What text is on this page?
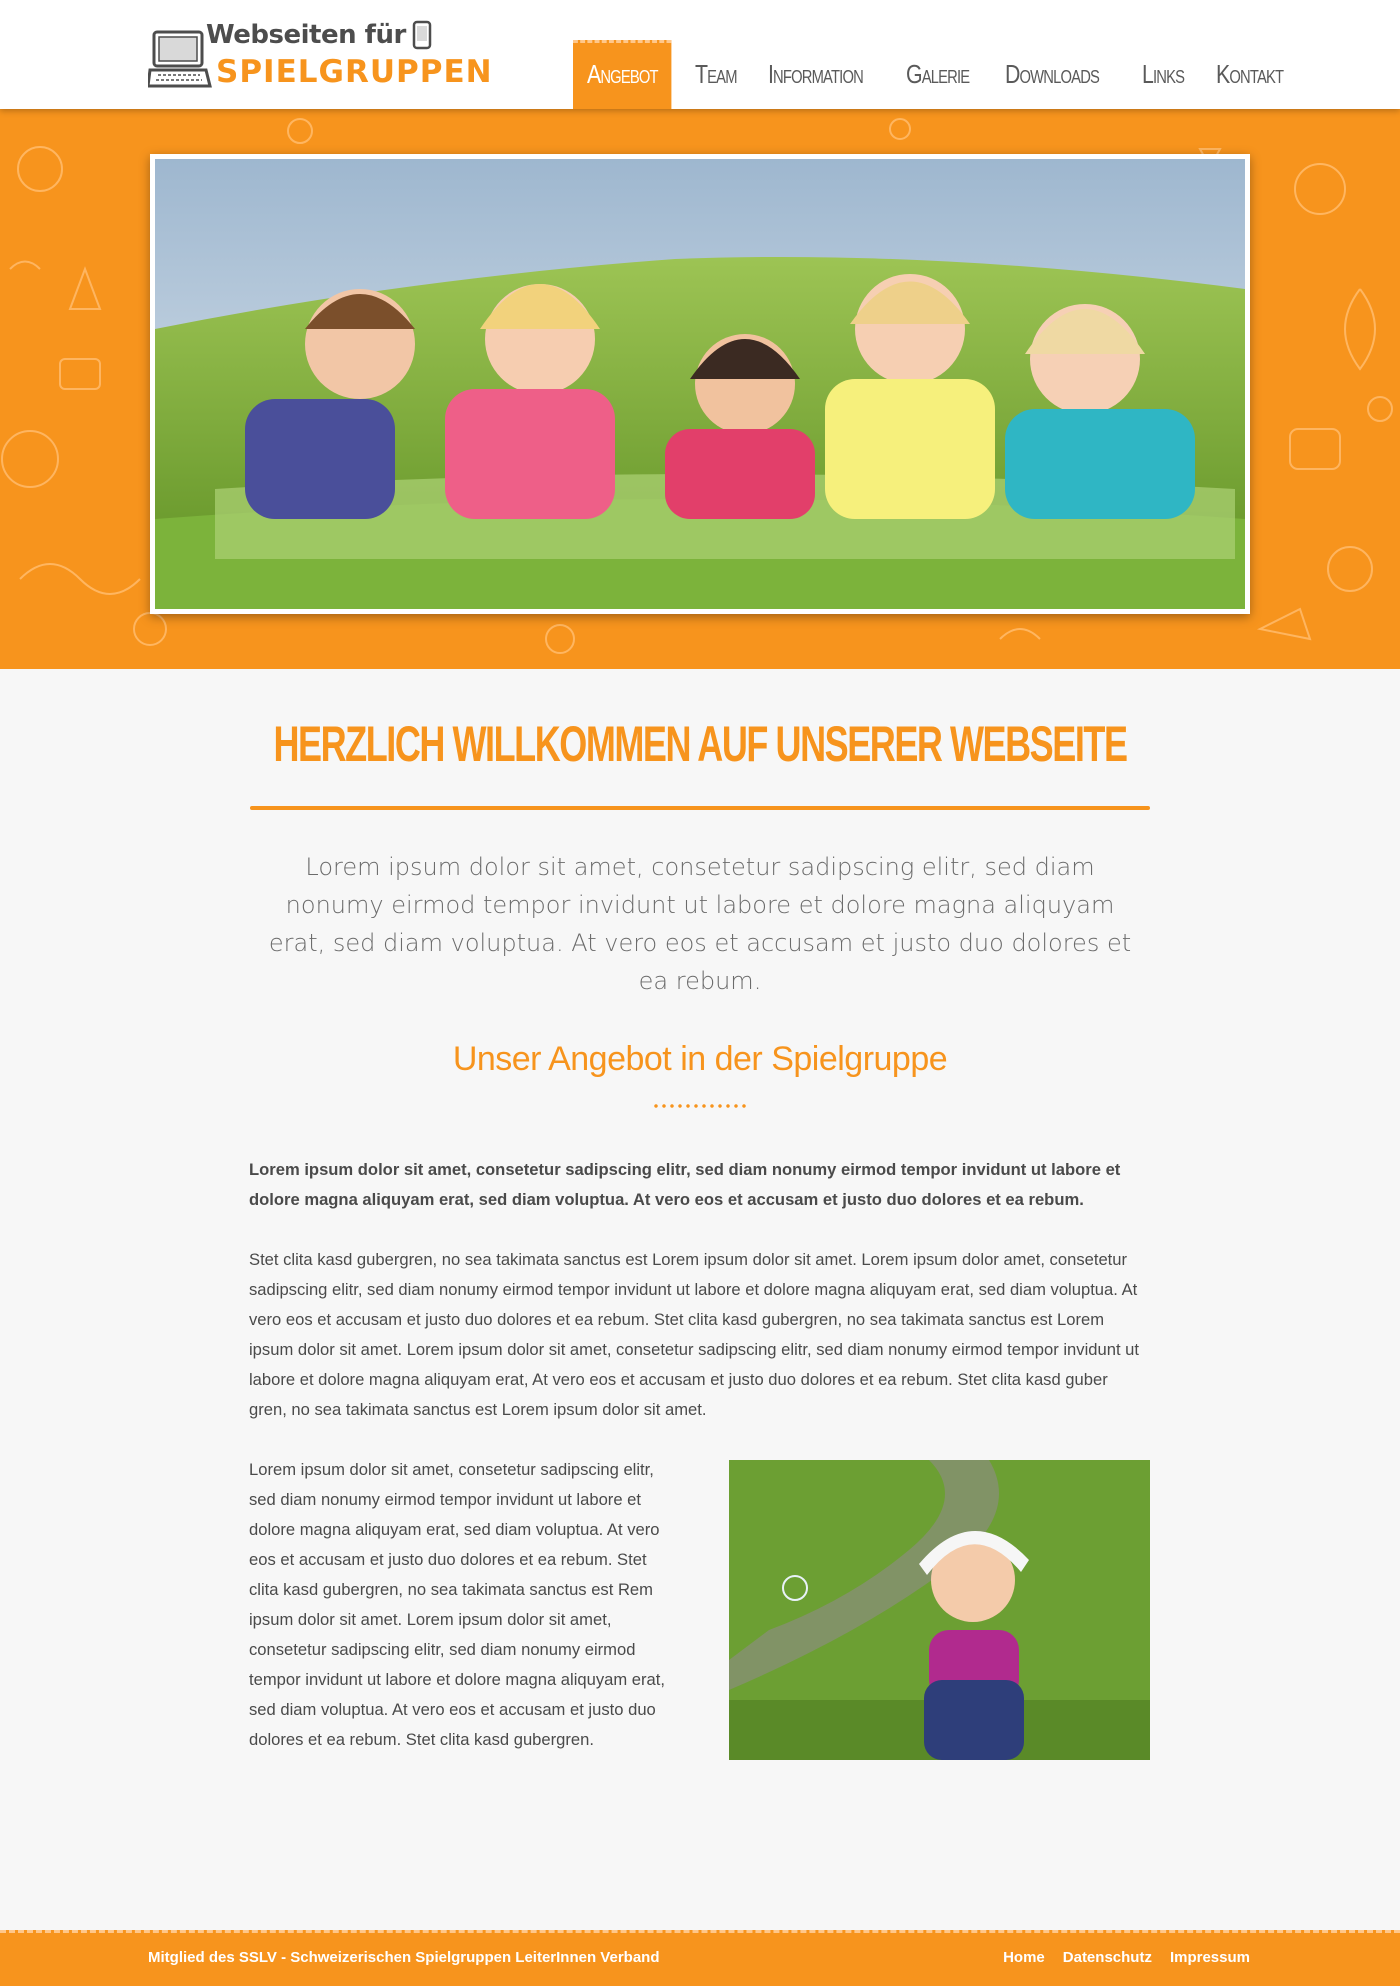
Webseiten für
SPIELGRUPPEN	Angebot	Team	Information	Galerie	Downloads	Links	Kontakt
HERZLICH WILLKOMMEN AUF UNSERER WEBSEITE

Lorem ipsum dolor sit amet, consetetur sadipscing elitr, sed diam nonumy eirmod tempor invidunt ut labore et dolore magna aliquyam erat, sed diam voluptua. At vero eos et accusam et justo duo dolores et ea rebum.

Unser Angebot in der Spielgruppe

Lorem ipsum dolor sit amet, consetetur sadipscing elitr, sed diam nonumy eirmod tempor invidunt ut labore et dolore magna aliquyam erat, sed diam voluptua. At vero eos et accusam et justo duo dolores et ea rebum.

Stet clita kasd gubergren, no sea takimata sanctus est Lorem ipsum dolor sit amet. Lorem ipsum dolor amet, consetetur sadipscing elitr, sed diam nonumy eirmod tempor invidunt ut labore et dolore magna aliquyam erat, sed diam voluptua. At vero eos et accusam et justo duo dolores et ea rebum. Stet clita kasd gubergren, no sea takimata sanctus est Lorem ipsum dolor sit amet. Lorem ipsum dolor sit amet, consetetur sadipscing elitr, sed diam nonumy eirmod tempor invidunt ut labore et dolore magna aliquyam erat, At vero eos et accusam et justo duo dolores et ea rebum. Stet clita kasd guber gren, no sea takimata sanctus est Lorem ipsum dolor sit amet.

Lorem ipsum dolor sit amet, consetetur sadipscing elitr, sed diam nonumy eirmod tempor invidunt ut labore et dolore magna aliquyam erat, sed diam voluptua. At vero eos et accusam et justo duo dolores et ea rebum. Stet clita kasd gubergren, no sea takimata sanctus est Rem ipsum dolor sit amet. Lorem ipsum dolor sit amet, consetetur sadipscing elitr, sed diam nonumy eirmod tempor invidunt ut labore et dolore magna aliquyam erat, sed diam voluptua. At vero eos et accusam et justo duo dolores et ea rebum. Stet clita kasd gubergren.

Mitglied des SSLV - Schweizerischen Spielgruppen LeiterInnen Verband	Home Datenschutz Impressum
